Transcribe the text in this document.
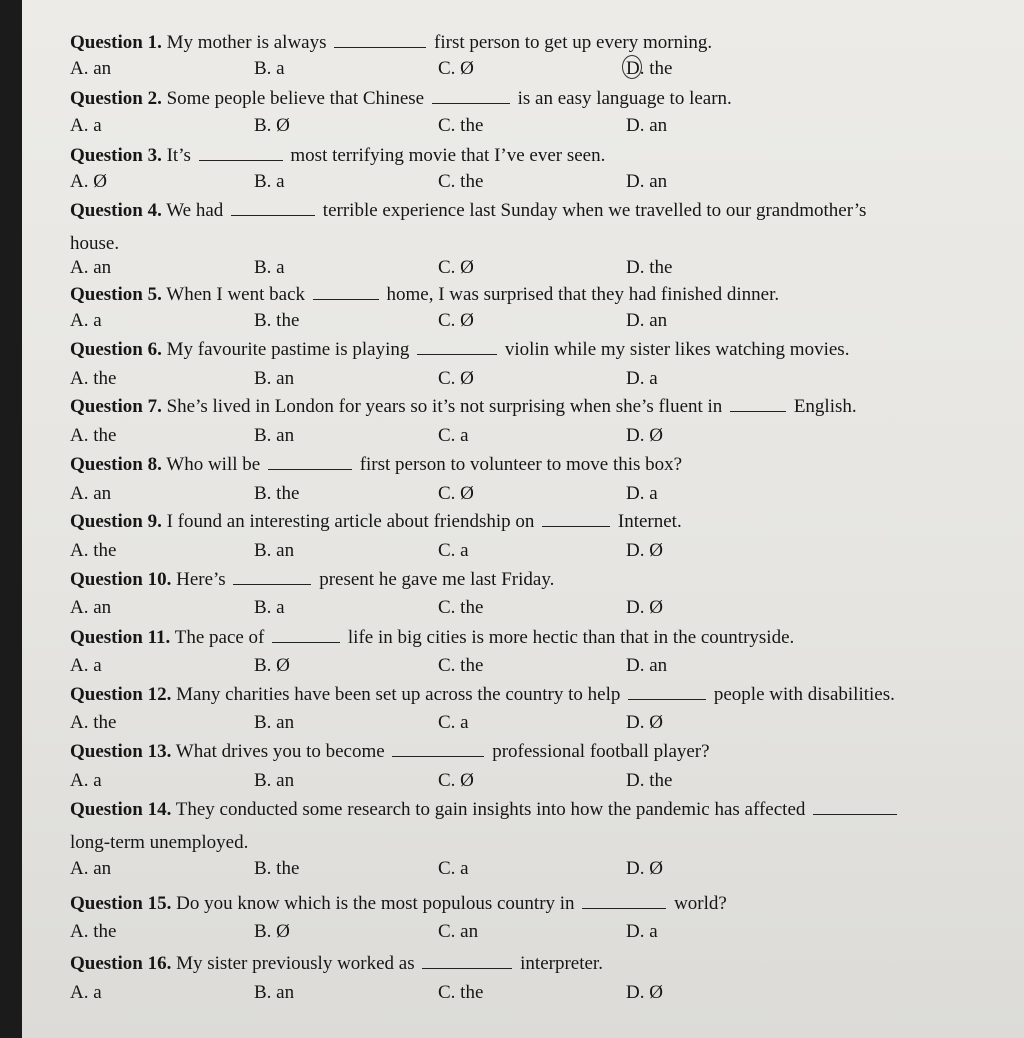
Question 1. My mother is always	first person to get up every morning.
A. an	B. a	C. Ø	D. the
Question 2. Some people believe that Chinese	is an easy language to learn.
A. a	B. Ø	C. the	D. an
Question 3. It’s	most terrifying movie that I’ve ever seen.
A. Ø	B. a	C. the	D. an
Question 4. We had	terrible experience last Sunday when we travelled to our grandmother’s
house.
A. an	B. a	C. Ø	D. the
Question 5. When I went back	home, I was surprised that they had finished dinner.
A. a	B. the	C. Ø	D. an
Question 6. My favourite pastime is playing	violin while my sister likes watching movies.
A. the	B. an	C. Ø	D. a
Question 7. She’s lived in London for years so it’s not surprising when she’s fluent in	English.
A. the	B. an	C. a	D. Ø
Question 8. Who will be	first person to volunteer to move this box?
A. an	B. the	C. Ø	D. a
Question 9. I found an interesting article about friendship on	Internet.
A. the	B. an	C. a	D. Ø
Question 10. Here’s	present he gave me last Friday.
A. an	B. a	C. the	D. Ø
Question 11. The pace of	life in big cities is more hectic than that in the countryside.
A. a	B. Ø	C. the	D. an
Question 12. Many charities have been set up across the country to help	people with disabilities.
A. the	B. an	C. a	D. Ø
Question 13. What drives you to become	professional football player?
A. a	B. an	C. Ø	D. the
Question 14. They conducted some research to gain insights into how the pandemic has affected
long-term unemployed.
A. an	B. the	C. a	D. Ø
Question 15. Do you know which is the most populous country in	world?
A. the	B. Ø	C. an	D. a
Question 16. My sister previously worked as	interpreter.
A. a	B. an	C. the	D. Ø
